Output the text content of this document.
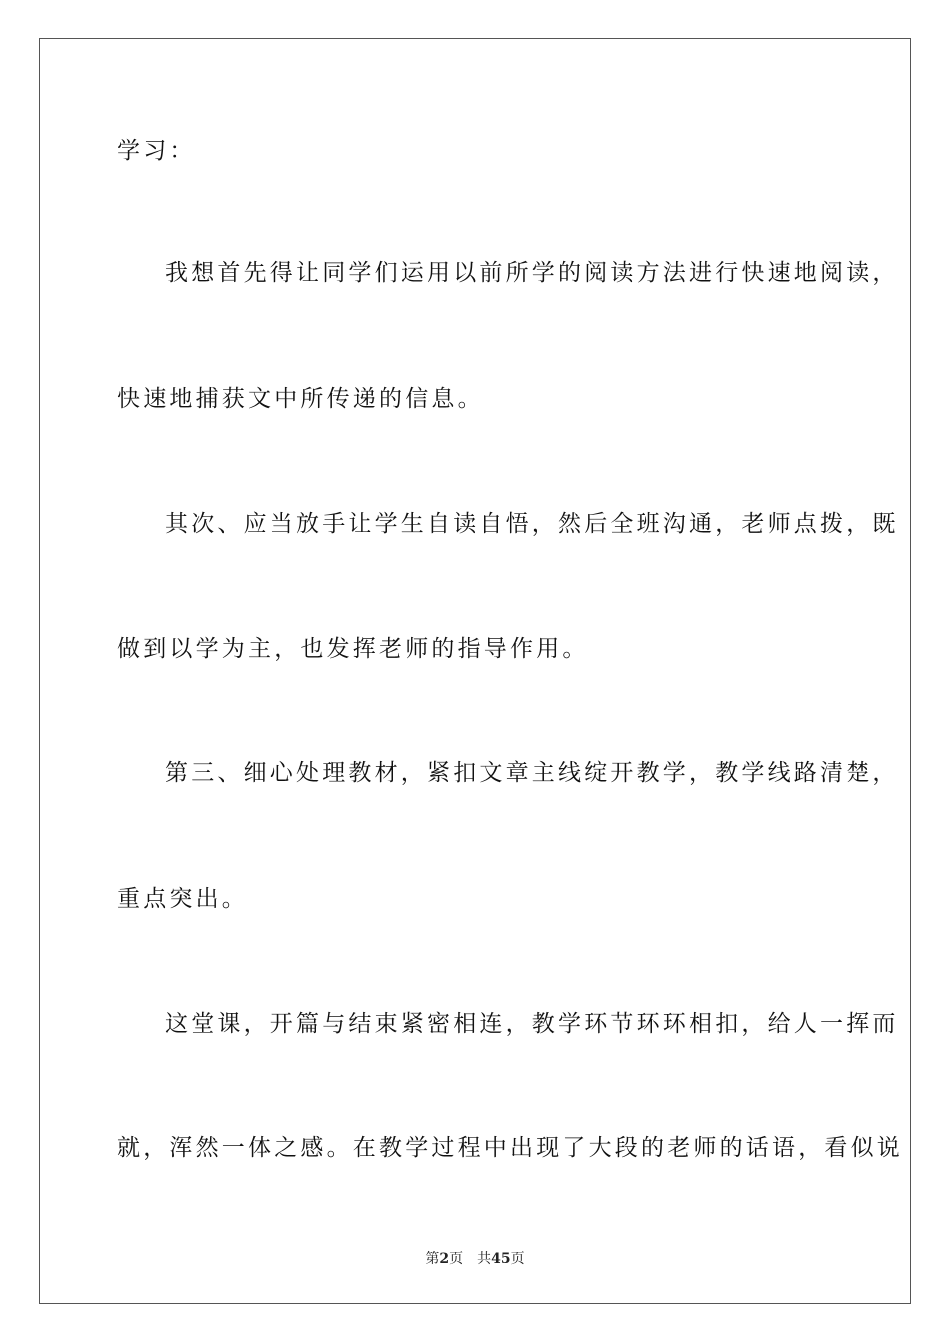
学习：

我想首先得让同学们运用以前所学的阅读方法进行快速地阅读，

快速地捕获文中所传递的信息。

其次、应当放手让学生自读自悟，然后全班沟通，老师点拨，既

做到以学为主，也发挥老师的指导作用。

第三、细心处理教材，紧扣文章主线绽开教学，教学线路清楚，

重点突出。

这堂课，开篇与结束紧密相连，教学环节环环相扣，给人一挥而

就，浑然一体之感。在教学过程中出现了大段的老师的话语，看似说

第2页 共45页
